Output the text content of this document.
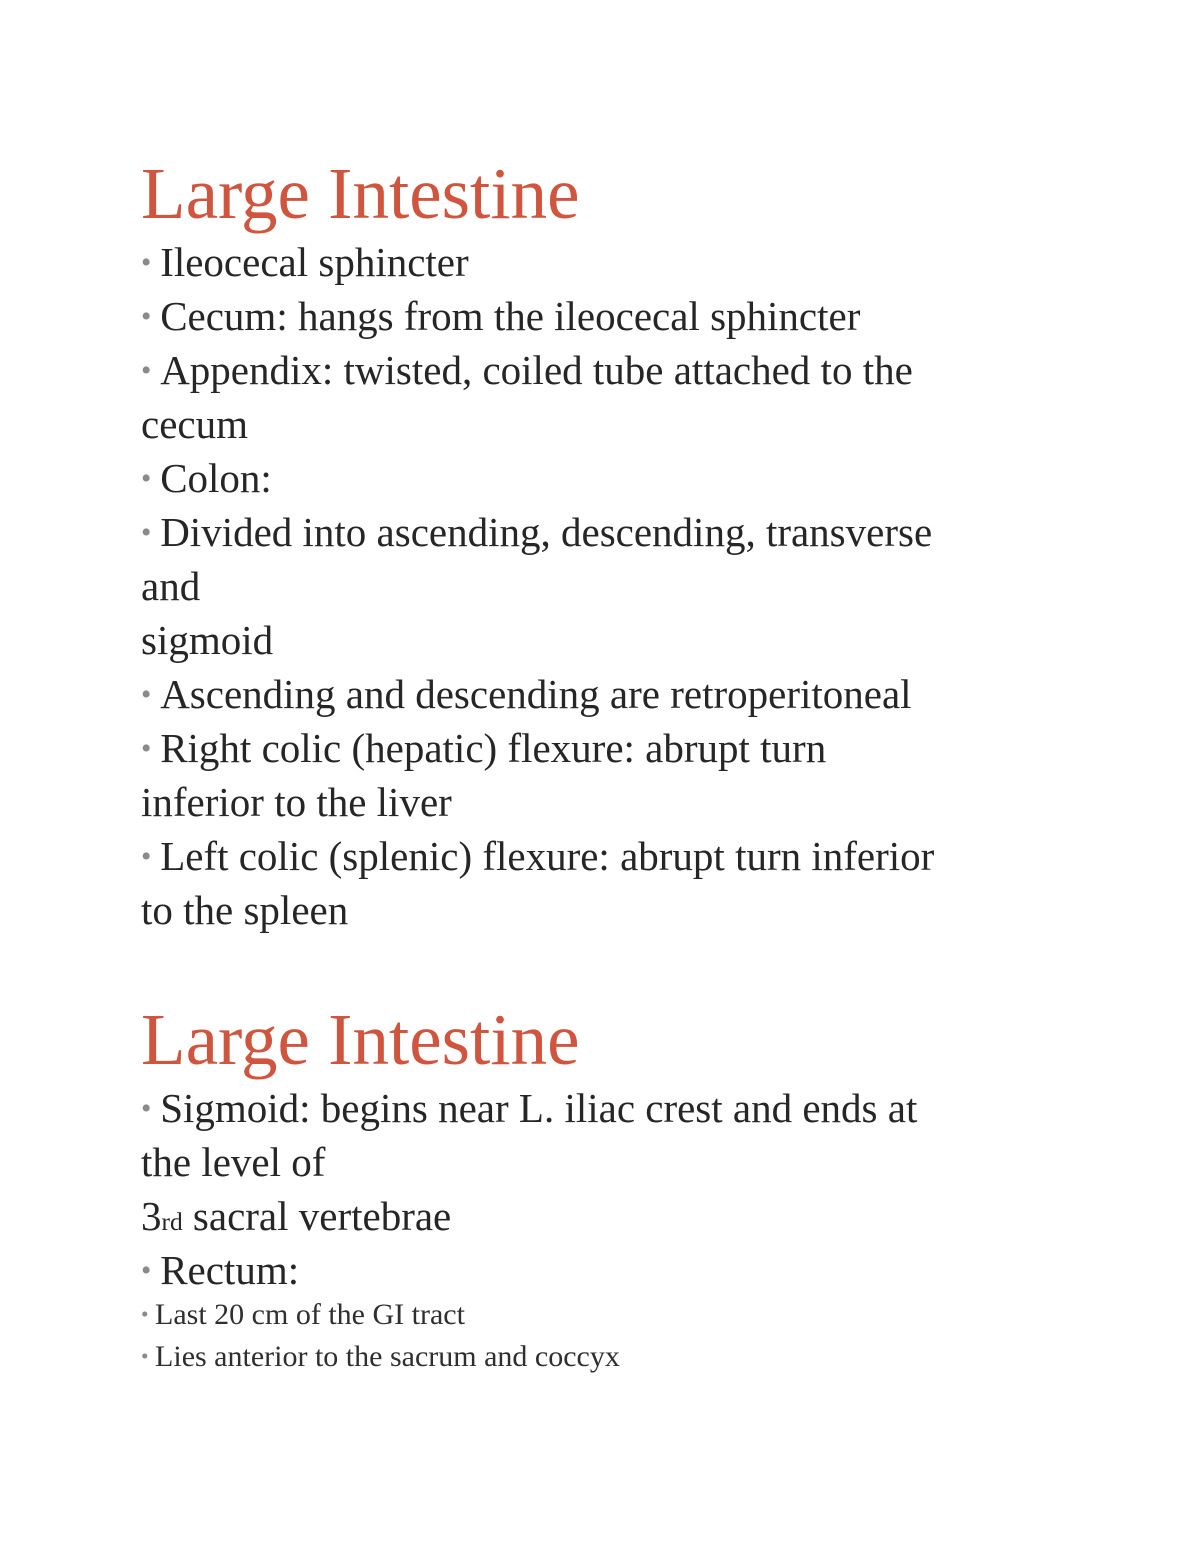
Large Intestine
• Ileocecal sphincter
• Cecum: hangs from the ileocecal sphincter
• Appendix: twisted, coiled tube attached to the
cecum
• Colon:
• Divided into ascending, descending, transverse
and
sigmoid
• Ascending and descending are retroperitoneal
• Right colic (hepatic) flexure: abrupt turn
inferior to the liver
• Left colic (splenic) flexure: abrupt turn inferior
to the spleen
Large Intestine
• Sigmoid: begins near L. iliac crest and ends at
the level of
3rd sacral vertebrae
• Rectum:
• Last 20 cm of the GI tract
• Lies anterior to the sacrum and coccyx
